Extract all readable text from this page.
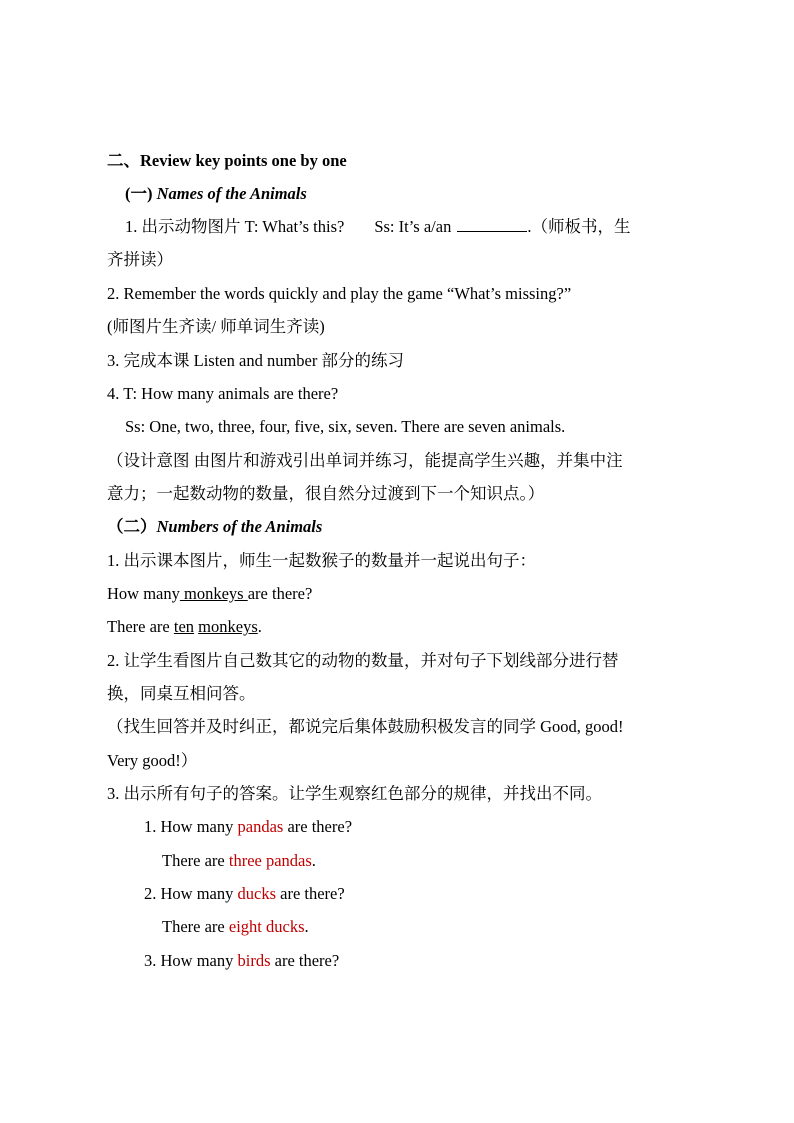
二、Review key points one by one
(一) Names of the Animals
1. 出示动物图片 T: What’s this? Ss: It’s a/an	.（师板书，生
齐拼读）
2. Remember the words quickly and play the game “What’s missing?”
(师图片生齐读/ 师单词生齐读)
3. 完成本课 Listen and number 部分的练习
4. T: How many animals are there?
Ss: One, two, three, four, five, six, seven. There are seven animals.
（设计意图 由图片和游戏引出单词并练习，能提高学生兴趣，并集中注
意力；一起数动物的数量，很自然分过渡到下一个知识点。）
（二）Numbers of the Animals
1. 出示课本图片，师生一起数猴子的数量并一起说出句子：
How many monkeys are there?
There are ten monkeys.
2. 让学生看图片自己数其它的动物的数量，并对句子下划线部分进行替
换，同桌互相问答。
（找生回答并及时纠正，都说完后集体鼓励积极发言的同学 Good, good!
Very good!）
3. 出示所有句子的答案。让学生观察红色部分的规律，并找出不同。
1. How many pandas are there?
There are three pandas.
2. How many ducks are there?
There are eight ducks.
3. How many birds are there?
